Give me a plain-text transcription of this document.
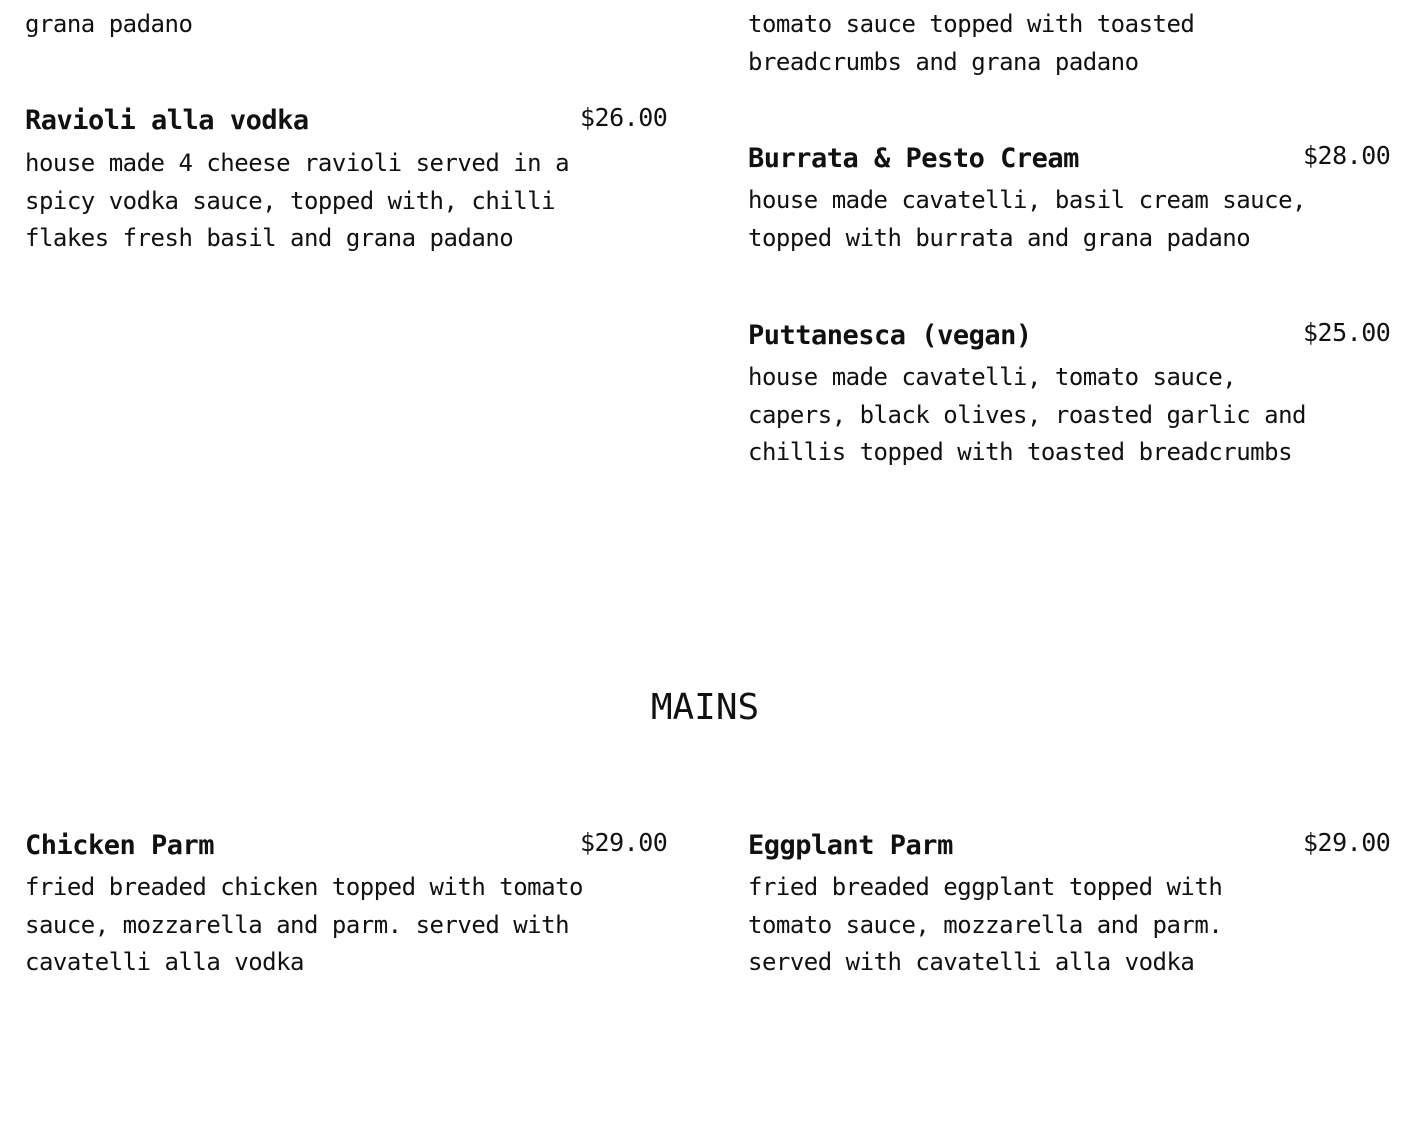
grana padano	tomato sauce topped with toasted
breadcrumbs and grana padano

Ravioli alla vodka	$26.00

house made 4 cheese ravioli served in a
spicy vodka sauce, topped with, chilli
flakes fresh basil and grana padano

Burrata & Pesto Cream	$28.00

house made cavatelli, basil cream sauce,
topped with burrata and grana padano

Puttanesca (vegan)	$25.00

house made cavatelli, tomato sauce,
capers, black olives, roasted garlic and
chillis topped with toasted breadcrumbs

MAINS
Chicken Parm	$29.00

fried breaded chicken topped with tomato
sauce, mozzarella and parm. served with
cavatelli alla vodka

Eggplant Parm	$29.00

fried breaded eggplant topped with
tomato sauce, mozzarella and parm.
served with cavatelli alla vodka
